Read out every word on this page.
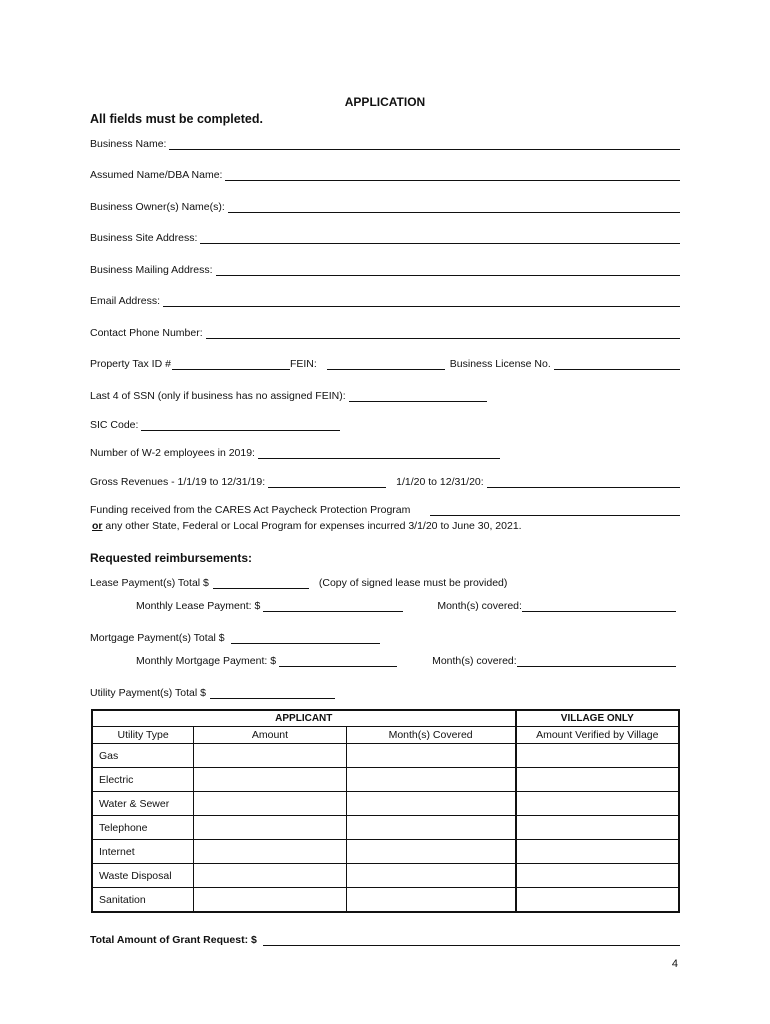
APPLICATION
All fields must be completed.
Business Name:
Assumed Name/DBA Name:
Business Owner(s) Name(s):
Business Site Address:
Business Mailing Address:
Email Address:
Contact Phone Number:
Property Tax ID #	FEIN:	Business License No.
Last 4 of SSN (only if business has no assigned FEIN):
SIC Code:
Number of W-2 employees in 2019:
Gross Revenues - 1/1/19 to 12/31/19:	1/1/20 to 12/31/20:
Funding received from the CARES Act Paycheck Protection Program
or any other State, Federal or Local Program for expenses incurred 3/1/20 to June 30, 2021.
Requested reimbursements:
Lease Payment(s) Total $	(Copy of signed lease must be provided)
Monthly Lease Payment: $	Month(s) covered:
Mortgage Payment(s) Total $
Monthly Mortgage Payment: $	Month(s) covered:
Utility Payment(s) Total $
APPLICANT			VILLAGE ONLY
Utility Type	Amount	Month(s) Covered	Amount Verified by Village
Gas			
Electric			
Water & Sewer			
Telephone			
Internet			
Waste Disposal			
Sanitation			
Total Amount of Grant Request: $
4
